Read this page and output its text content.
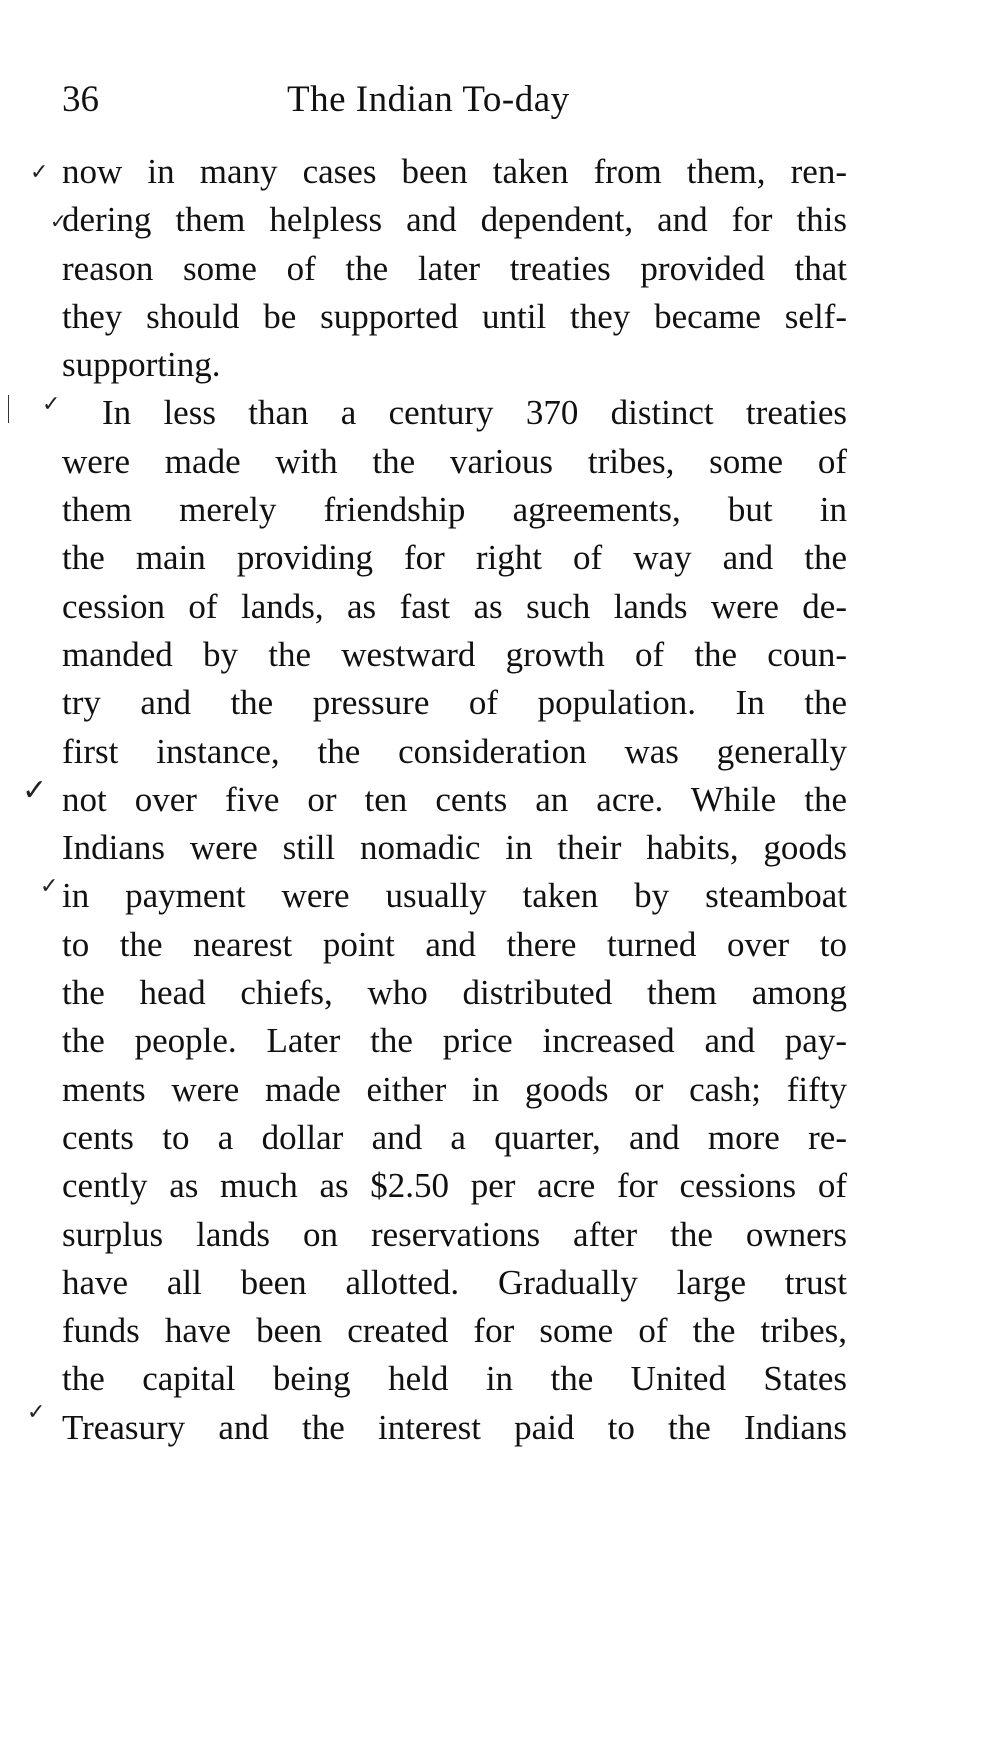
36	The Indian To-day
✓
✓
✓
✓
✓
✓
now in many cases been taken from them, ren-
dering them helpless and dependent, and for this
reason some of the later treaties provided that
they should be supported until they became self-
supporting.
In less than a century 370 distinct treaties
were made with the various tribes, some of
them merely friendship agreements, but in
the main providing for right of way and the
cession of lands, as fast as such lands were de-
manded by the westward growth of the coun-
try and the pressure of population. In the
first instance, the consideration was generally
not over five or ten cents an acre. While the
Indians were still nomadic in their habits, goods
in payment were usually taken by steamboat
to the nearest point and there turned over to
the head chiefs, who distributed them among
the people. Later the price increased and pay-
ments were made either in goods or cash; fifty
cents to a dollar and a quarter, and more re-
cently as much as $2.50 per acre for cessions of
surplus lands on reservations after the owners
have all been allotted. Gradually large trust
funds have been created for some of the tribes,
the capital being held in the United States
Treasury and the interest paid to the Indians
